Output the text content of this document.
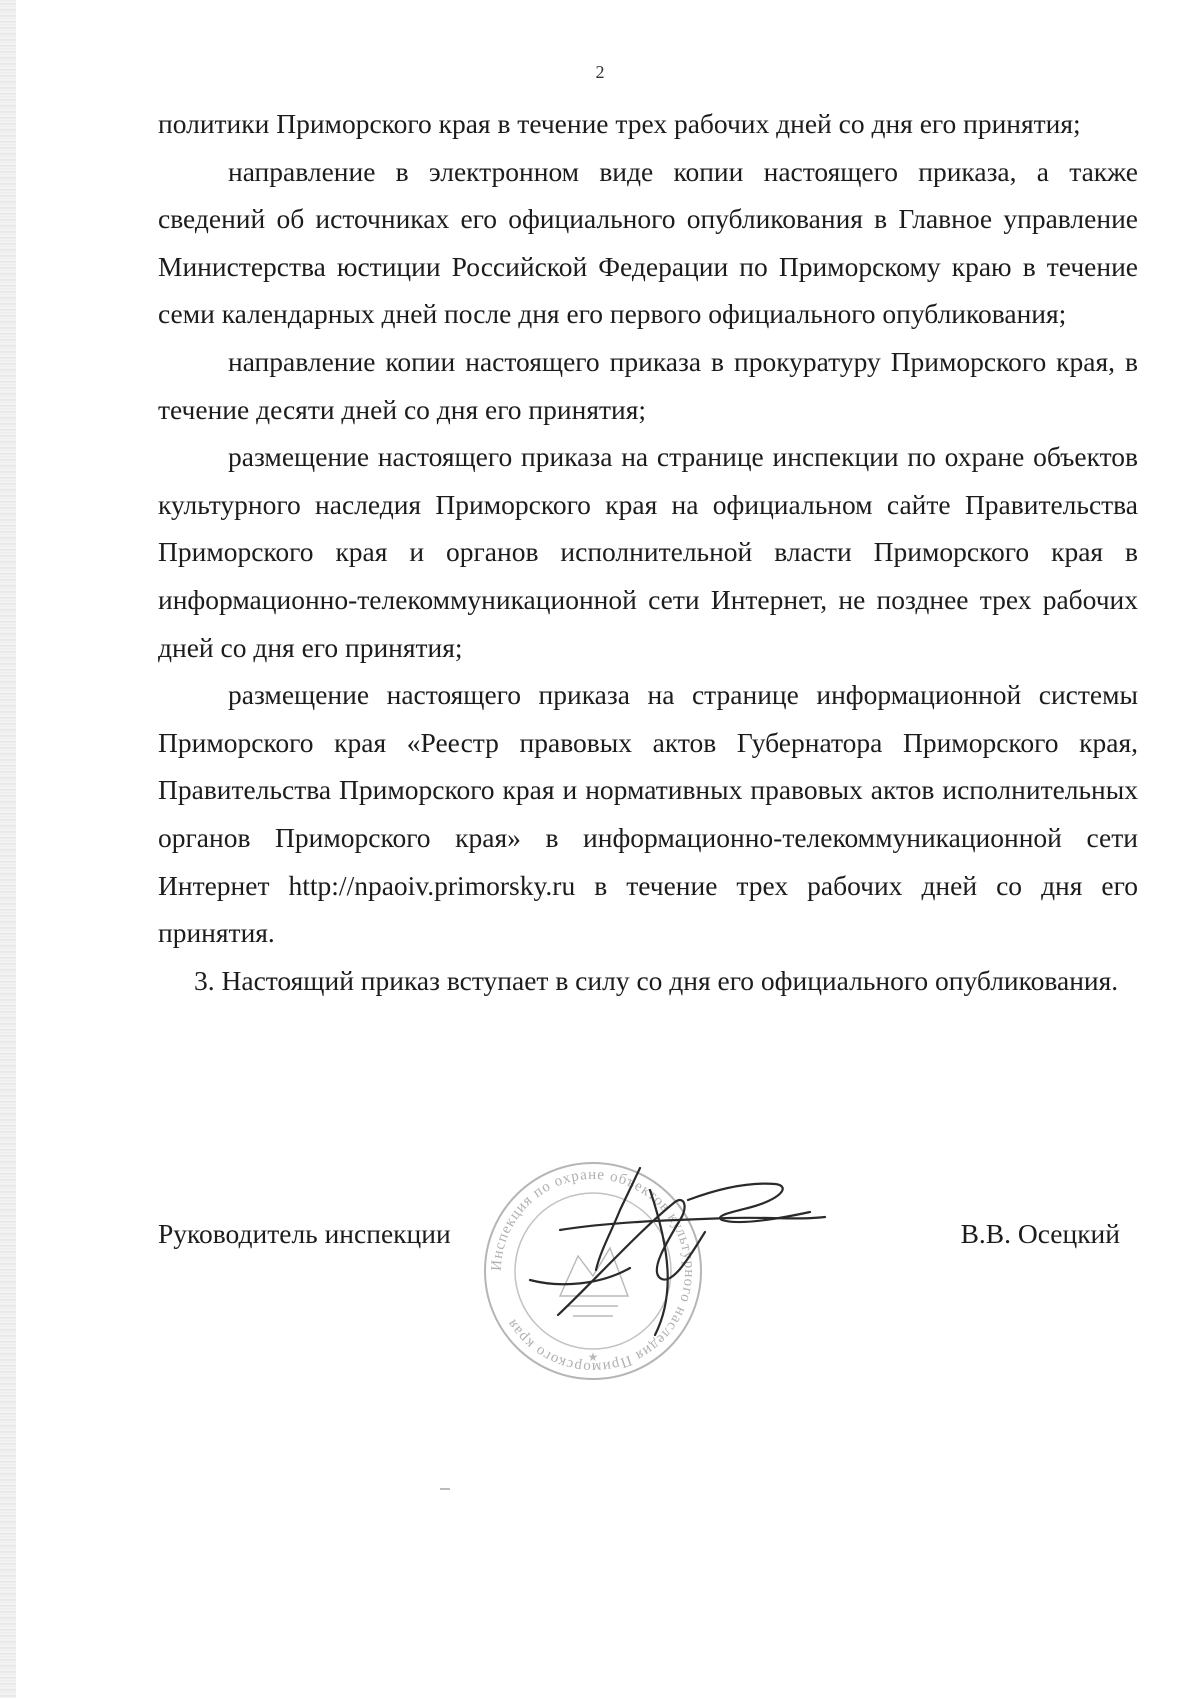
2

политики Приморского края в течение трех рабочих дней со дня его принятия;

направление в электронном виде копии настоящего приказа, а также сведений об источниках его официального опубликования в Главное управление Министерства юстиции Российской Федерации по Приморскому краю в течение семи календарных дней после дня его первого официального опубликования;

направление копии настоящего приказа в прокуратуру Приморского края, в течение десяти дней со дня его принятия;

размещение настоящего приказа на странице инспекции по охране объектов культурного наследия Приморского края на официальном сайте Правительства Приморского края и органов исполнительной власти Приморского края в информационно-телекоммуникационной сети Интернет, не позднее трех рабочих дней со дня его принятия;

размещение настоящего приказа на странице информационной системы Приморского края «Реестр правовых актов Губернатора Приморского края, Правительства Приморского края и нормативных правовых актов исполнительных органов Приморского края» в информационно-телекоммуникационной сети Интернет http://npaoiv.primorsky.ru в течение трех рабочих дней со дня его принятия.

3. Настоящий приказ вступает в силу со дня его официального опубликования.

Инспекция по охране объектов культурного наследия Приморского края
★
Руководитель инспекции	В.В. Осецкий
